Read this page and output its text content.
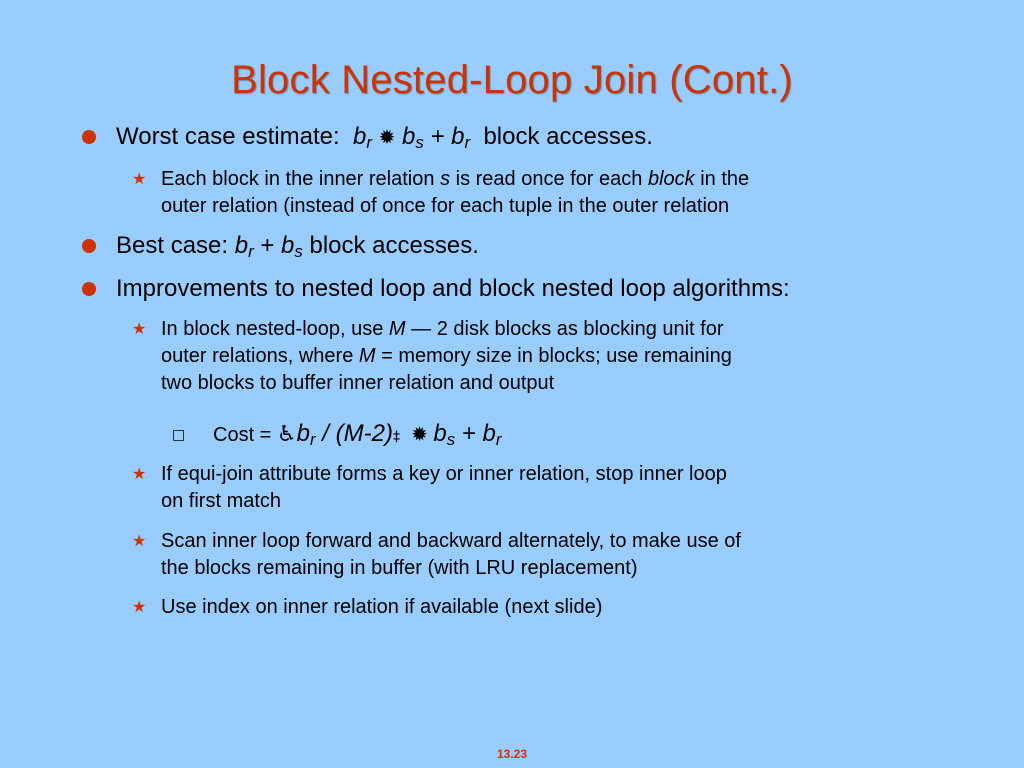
Block Nested-Loop Join (Cont.)
Worst case estimate: $b_r$ ✹ $b_s + b_r$ block accesses.
★ Each block in the inner relation s is read once for each block in the
outer relation (instead of once for each tuple in the outer relation
Best case: $b_r + b_s$ block accesses.
Improvements to nested loop and block nested loop algorithms:
★ In block nested-loop, use M — 2 disk blocks as blocking unit for
outer relations, where M = memory size in blocks; use remaining
two blocks to buffer inner relation and output
□ Cost = $♿b_r$ / (M-2)‡ ✹ $b_s + b_r$
★ If equi-join attribute forms a key or inner relation, stop inner loop
on first match
★ Scan inner loop forward and backward alternately, to make use of
the blocks remaining in buffer (with LRU replacement)
★ Use index on inner relation if available (next slide)
13.23
